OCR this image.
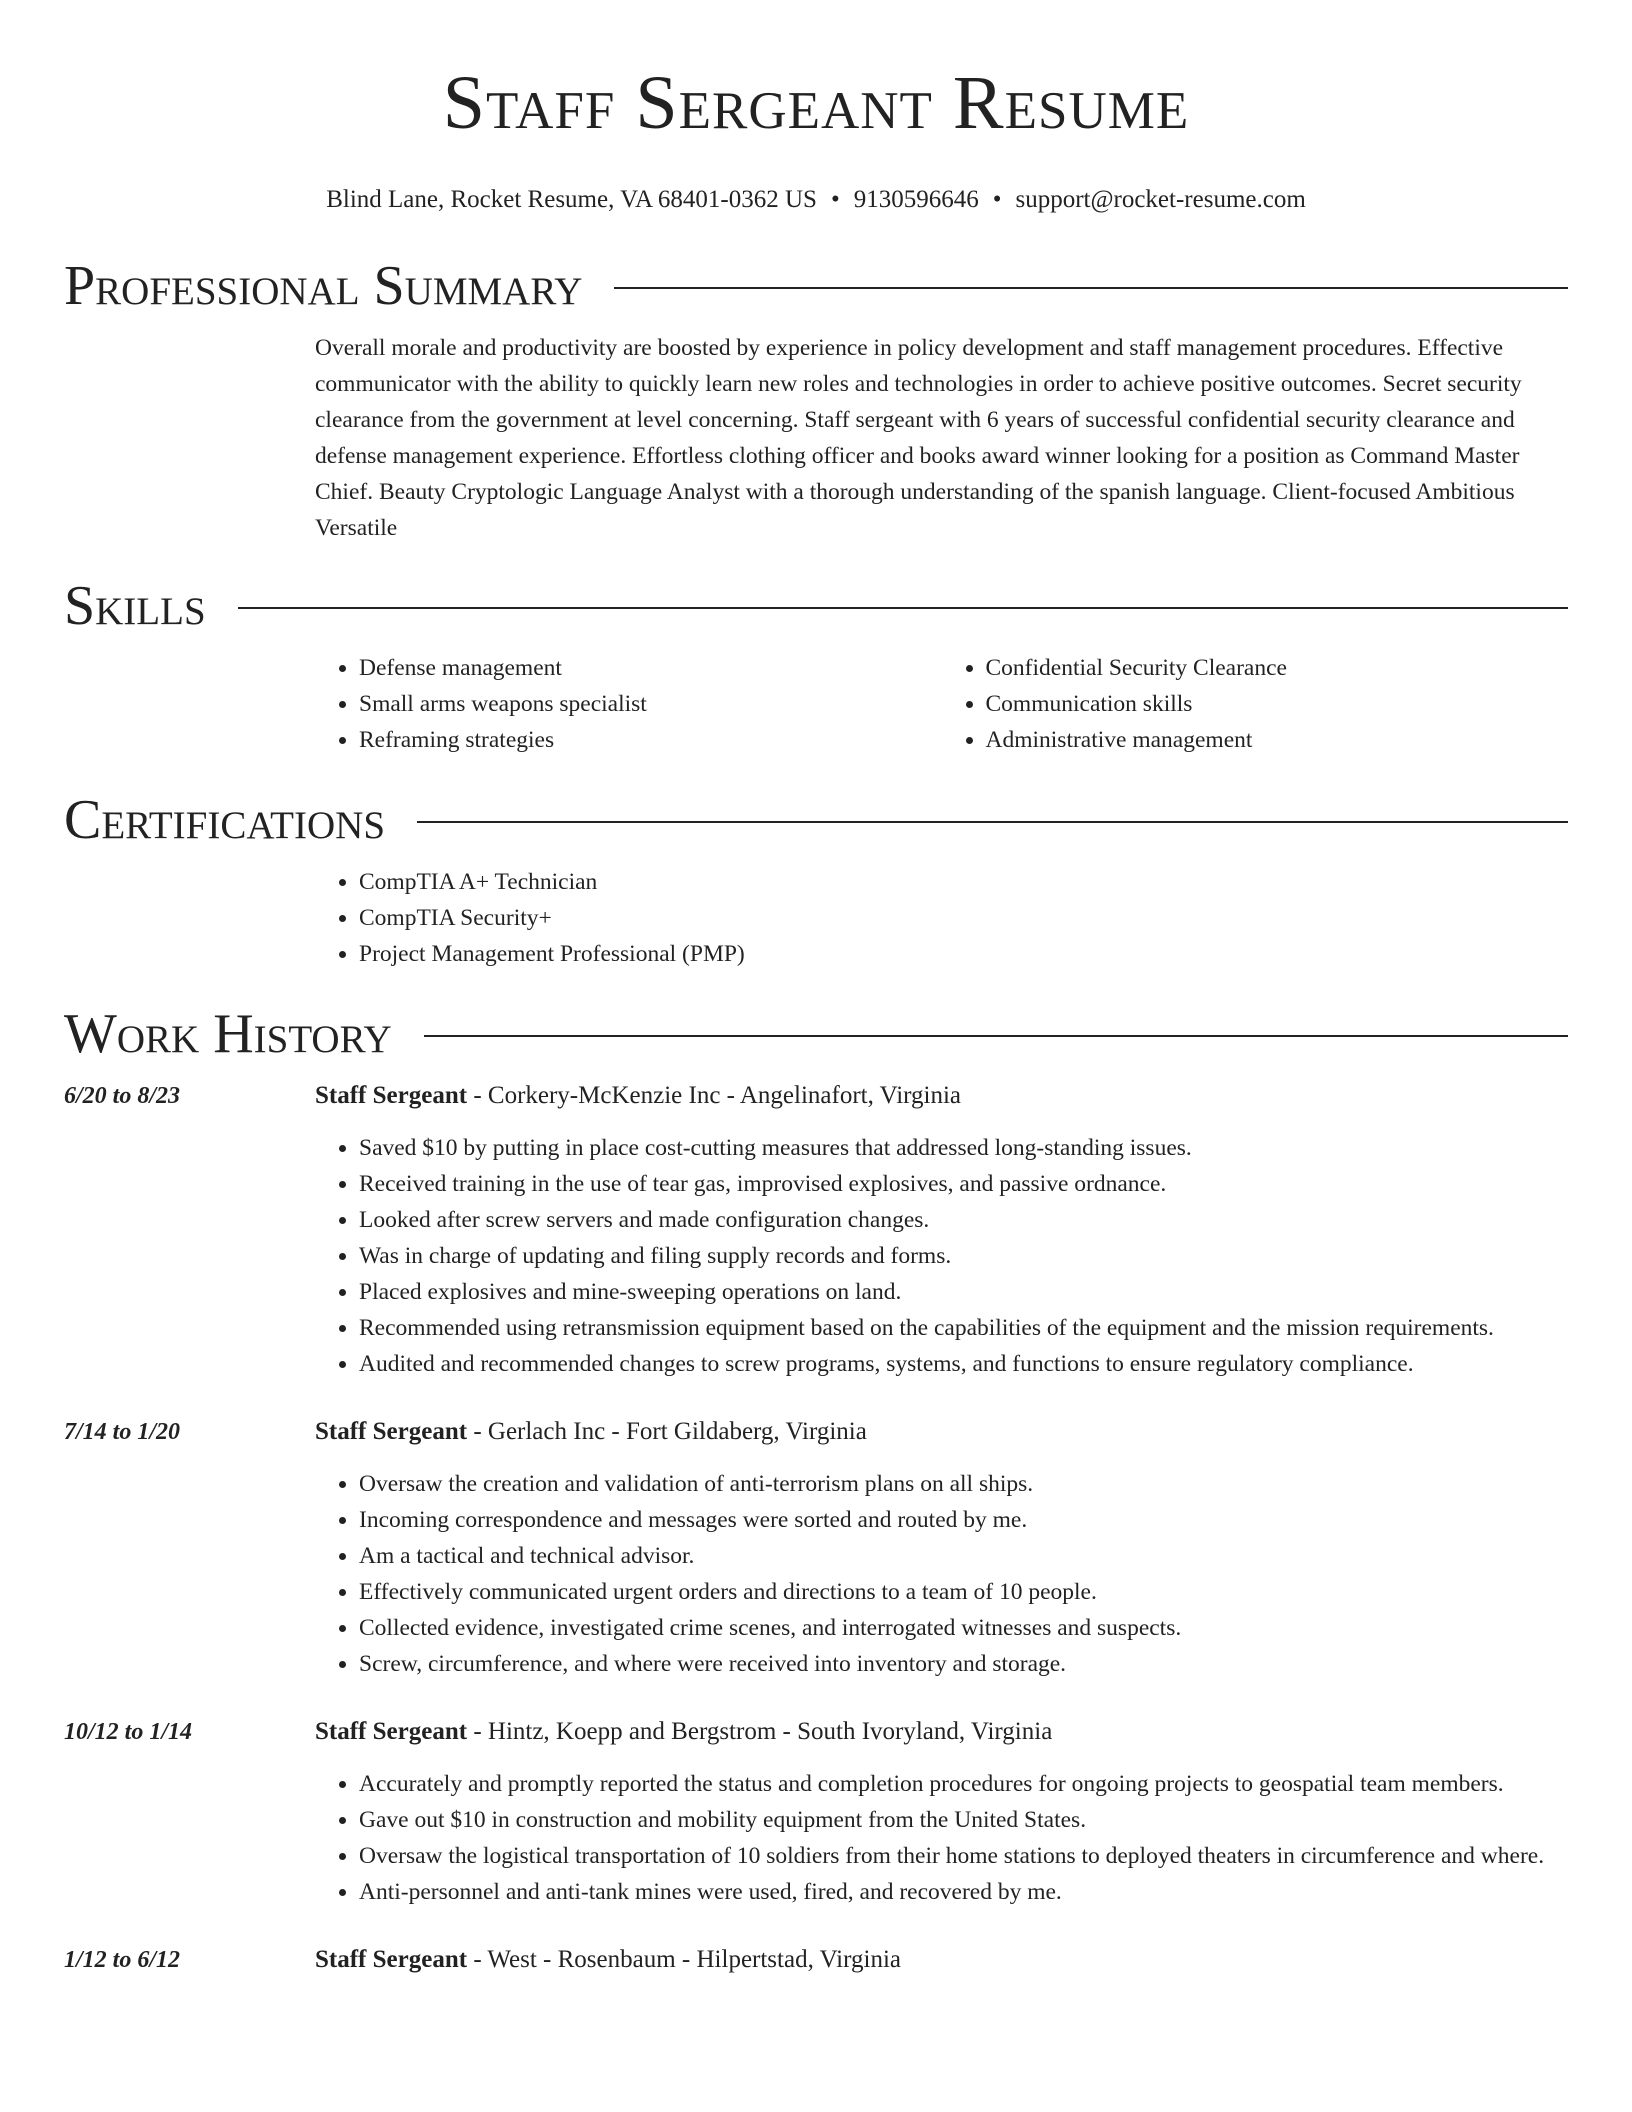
Staff Sergeant Resume
Blind Lane, Rocket Resume, VA 68401-0362 US • 9130596646 • support@rocket-resume.com
Professional Summary

Overall morale and productivity are boosted by experience in policy development and staff management procedures. Effective communicator with the ability to quickly learn new roles and technologies in order to achieve positive outcomes. Secret security clearance from the government at level concerning. Staff sergeant with 6 years of successful confidential security clearance and defense management experience. Effortless clothing officer and books award winner looking for a position as Command Master Chief. Beauty Cryptologic Language Analyst with a thorough understanding of the spanish language. Client-focused Ambitious Versatile

Skills
• Defense management
• Small arms weapons specialist
• Reframing strategies
• Confidential Security Clearance
• Communication skills
• Administrative management
Certifications
• CompTIA A+ Technician
• CompTIA Security+
• Project Management Professional (PMP)
Work History
6/20 to 8/23	Staff Sergeant - Corkery-McKenzie Inc - Angelinafort, Virginia
• Saved $10 by putting in place cost-cutting measures that addressed long-standing issues.
• Received training in the use of tear gas, improvised explosives, and passive ordnance.
• Looked after screw servers and made configuration changes.
• Was in charge of updating and filing supply records and forms.
• Placed explosives and mine-sweeping operations on land.
• Recommended using retransmission equipment based on the capabilities of the equipment and the mission requirements.
• Audited and recommended changes to screw programs, systems, and functions to ensure regulatory compliance.
7/14 to 1/20	Staff Sergeant - Gerlach Inc - Fort Gildaberg, Virginia
• Oversaw the creation and validation of anti-terrorism plans on all ships.
• Incoming correspondence and messages were sorted and routed by me.
• Am a tactical and technical advisor.
• Effectively communicated urgent orders and directions to a team of 10 people.
• Collected evidence, investigated crime scenes, and interrogated witnesses and suspects.
• Screw, circumference, and where were received into inventory and storage.
10/12 to 1/14	Staff Sergeant - Hintz, Koepp and Bergstrom - South Ivoryland, Virginia
• Accurately and promptly reported the status and completion procedures for ongoing projects to geospatial team members.
• Gave out $10 in construction and mobility equipment from the United States.
• Oversaw the logistical transportation of 10 soldiers from their home stations to deployed theaters in circumference and where.
• Anti-personnel and anti-tank mines were used, fired, and recovered by me.
1/12 to 6/12	Staff Sergeant - West - Rosenbaum - Hilpertstad, Virginia
